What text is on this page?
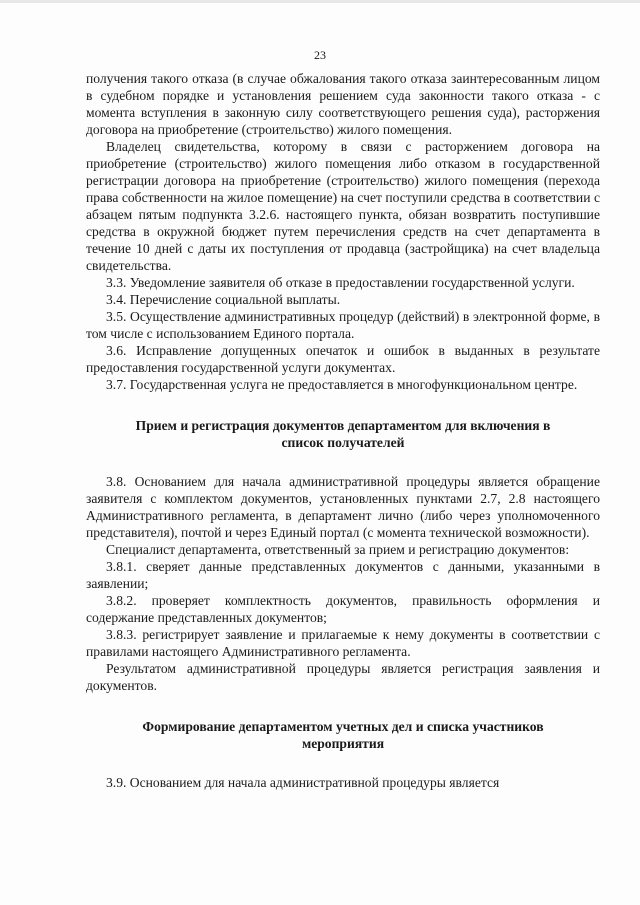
23

получения такого отказа (в случае обжалования такого отказа заинтересованным лицом в судебном порядке и установления решением суда законности такого отказа - с момента вступления в законную силу соответствующего решения суда), расторжения договора на приобретение (строительство) жилого помещения.

Владелец свидетельства, которому в связи с расторжением договора на приобретение (строительство) жилого помещения либо отказом в государственной регистрации договора на приобретение (строительство) жилого помещения (перехода права собственности на жилое помещение) на счет поступили средства в соответствии с абзацем пятым подпункта 3.2.6. настоящего пункта, обязан возвратить поступившие средства в окружной бюджет путем перечисления средств на счет департамента в течение 10 дней с даты их поступления от продавца (застройщика) на счет владельца свидетельства.

3.3. Уведомление заявителя об отказе в предоставлении государственной услуги.

3.4. Перечисление социальной выплаты.

3.5. Осуществление административных процедур (действий) в электронной форме, в том числе с использованием Единого портала.

3.6. Исправление допущенных опечаток и ошибок в выданных в результате предоставления государственной услуги документах.

3.7. Государственная услуга не предоставляется в многофункциональном центре.

Прием и регистрация документов департаментом для включения в список получателей

3.8. Основанием для начала административной процедуры является обращение заявителя с комплектом документов, установленных пунктами 2.7, 2.8 настоящего Административного регламента, в департамент лично (либо через уполномоченного представителя), почтой и через Единый портал (с момента технической возможности).

Специалист департамента, ответственный за прием и регистрацию документов:

3.8.1. сверяет данные представленных документов с данными, указанными в заявлении;

3.8.2. проверяет комплектность документов, правильность оформления и содержание представленных документов;

3.8.3. регистрирует заявление и прилагаемые к нему документы в соответствии с правилами настоящего Административного регламента.

Результатом административной процедуры является регистрация заявления и документов.

Формирование департаментом учетных дел и списка участников мероприятия

3.9. Основанием для начала административной процедуры является
